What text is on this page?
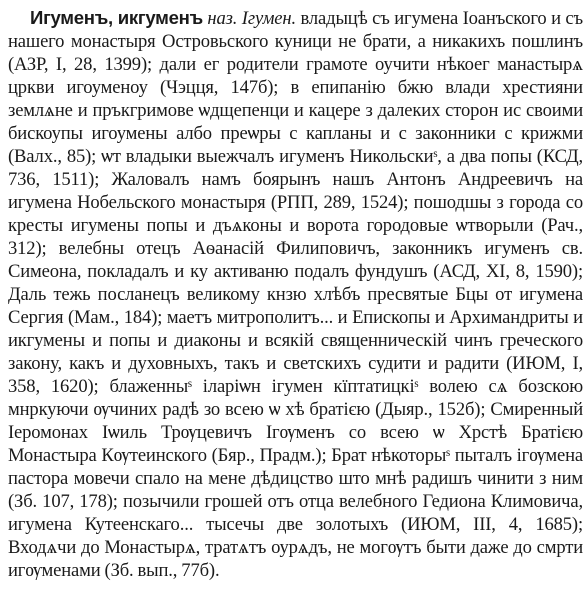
Игуменъ, икгуменъ наз. Ігумен. владыцѣ съ игумена Іоанъского и съ нашего монастыря Островьского куници не брати, а никакихъ пошлинъ (АЗР, І, 28, 1399); дали ег родители грамоте оучити нѣкоег манастырѧ цркви игоуменоу (Чэцця, 147б); в епипанію бжю влади хрестияни землѧне и пръкгримове ѡдщепенци и кацере з далеких сторон ис своими бискоупы игоумены албо преѡры с капланы и с законники с крижми (Валх., 85); ѡт владыки выежчалъ игуменъ Никольскиˢ, а два попы (КСД, 736, 1511); Жаловалъ намъ боярынъ нашъ Антонъ Андреевичъ на игумена Нобельского монастыря (РПП, 289, 1524); пошодшы з города со кресты игумены попы и дъѧконы и ворота городовые ѡтворыли (Рач., 312); велебны отецъ Аѳанасій Филиповичъ, законникъ игуменъ св. Симеона, покладалъ и ку активаню подалъ фундушъ (АСД, XI, 8, 1590); Даль тежь посланецъ великому кнзю хлѣбъ пресвятые Бцы от игумена Сергия (Мам., 184); маетъ митрополитъ... и Епископы и Архимандриты и икгумены и попы и диаконы и всякій священническій чинъ греческого закону, какъ и духовныхъ, такъ и светскихъ судити и радити (ИЮМ, І, 358, 1620); блаженныˢ іларіѡн ігумен кїптатицкіˢ волею сѧ бозскою мнркуючи ѹчиних радѣ зо всею ѡ хѣ братією (Дыяр., 152б); Смиренный Іеромонах Іѡиль Трѹцевичъ Ігѹменъ со всею ѡ Хрстѣ Братією Монастыра Кѹтеинского (Бяр., Прадм.); Брат нѣкоторыˢ пыталъ ігѹмена пастора мовечи спало на мене дѣдицство што мнѣ радишъ чинити з ним (Зб. 107, 178); позычили грошей отъ отца велебного Гедиона Климовича, игумена Кутеенскаго... тысечы две золотыхъ (ИЮМ, ІІІ, 4, 1685); Входѧчи до Монастырѧ, тратѧтъ оурѧдъ, не могѹтъ быти даже до смрти игѹменами (Зб. вып., 77б).
